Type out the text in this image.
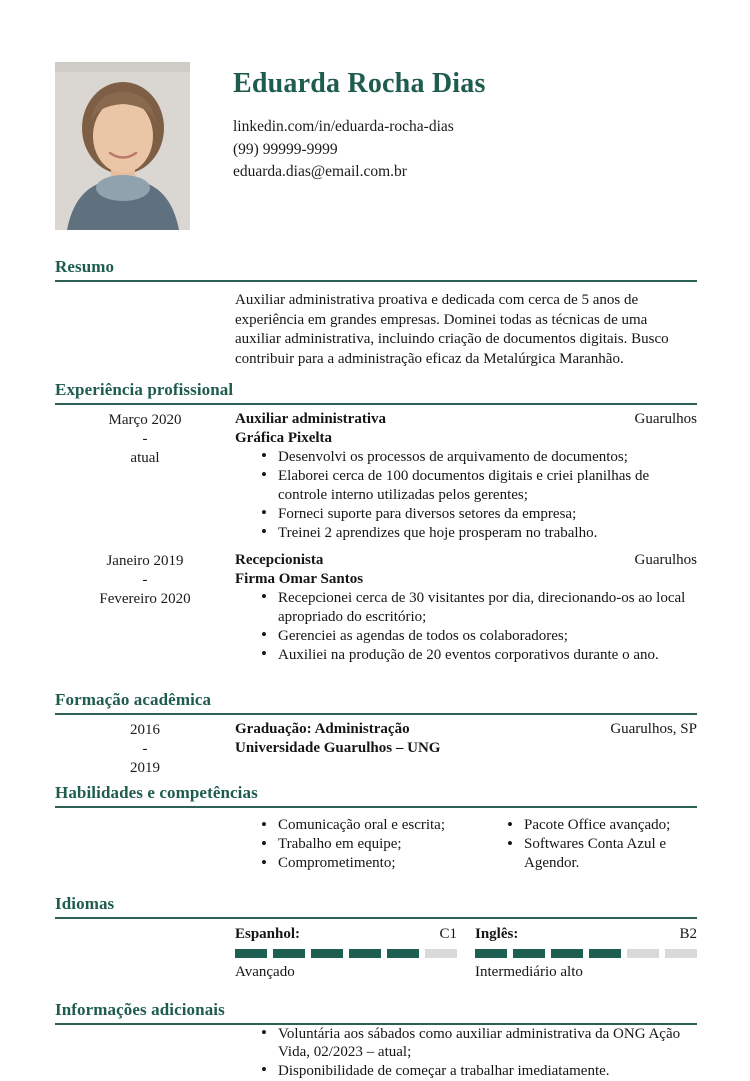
Eduarda Rocha Dias
linkedin.com/in/eduarda-rocha-dias
(99) 99999-9999
eduarda.dias@email.com.br
Resumo

Auxiliar administrativa proativa e dedicada com cerca de 5 anos de experiência em grandes empresas. Dominei todas as técnicas de uma auxiliar administrativa, incluindo criação de documentos digitais. Busco contribuir para a administração eficaz da Metalúrgica Maranhão.

Experiência profissional
Março 2020
-
atual
Auxiliar administrativa	Guarulhos
Gráfica Pixelta
• Desenvolvi os processos de arquivamento de documentos;
• Elaborei cerca de 100 documentos digitais e criei planilhas de controle interno utilizadas pelos gerentes;
• Forneci suporte para diversos setores da empresa;
• Treinei 2 aprendizes que hoje prosperam no trabalho.
Janeiro 2019
-
Fevereiro 2020
Recepcionista	Guarulhos
Firma Omar Santos
• Recepcionei cerca de 30 visitantes por dia, direcionando-os ao local apropriado do escritório;
• Gerenciei as agendas de todos os colaboradores;
• Auxiliei na produção de 20 eventos corporativos durante o ano.
Formação acadêmica
2016
-
2019
Graduação: Administração	Guarulhos, SP
Universidade Guarulhos – UNG
Habilidades e competências
• Comunicação oral e escrita;
• Trabalho em equipe;
• Comprometimento;
• Pacote Office avançado;
• Softwares Conta Azul e Agendor.
Idiomas
Espanhol:	C1
Avançado
Inglês:	B2
Intermediário alto
Informações adicionais
• Voluntária aos sábados como auxiliar administrativa da ONG Ação Vida, 02/2023 – atual;
• Disponibilidade de começar a trabalhar imediatamente.
